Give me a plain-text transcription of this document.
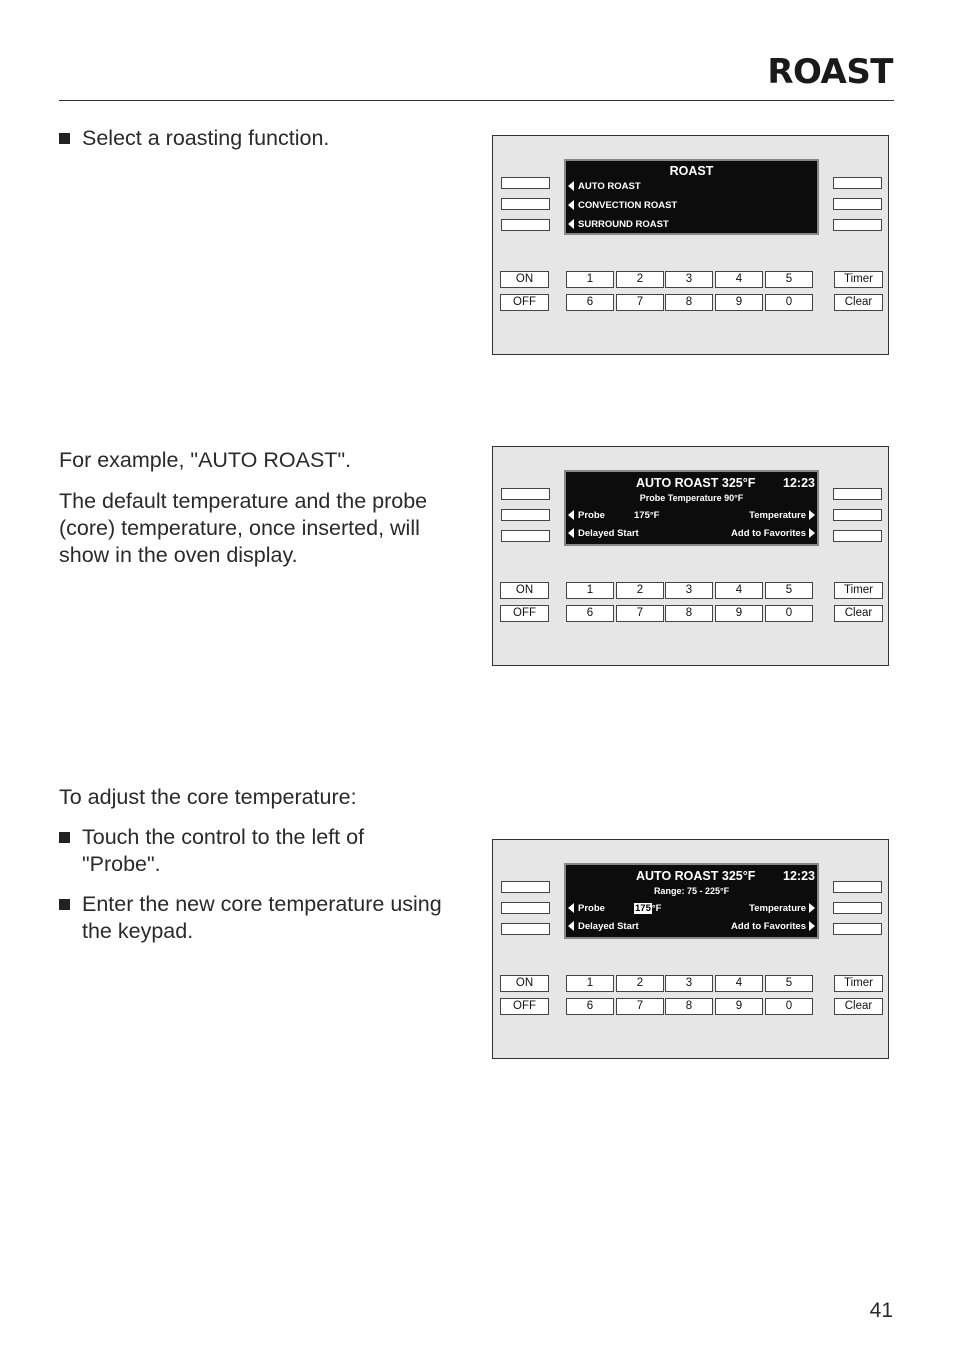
ROAST
Select a roasting function.
ROAST
AUTO ROAST
CONVECTION ROAST
SURROUND ROAST
ON
OFF
1	2	3	4	5
6	7	8	9	0
Timer
Clear
For example, "AUTO ROAST".
The default temperature and the probe
(core) temperature, once inserted, will
show in the oven display.
AUTO ROAST 325°F 12:23
Probe Temperature 90°F
Probe	175°F	Temperature
Delayed Start	Add to Favorites
ON
OFF
1	2	3	4	5
6	7	8	9	0
Timer
Clear
To adjust the core temperature:
Touch the control to the left of
"Probe".
Enter the new core temperature using
the keypad.
AUTO ROAST 325°F 12:23
Range: 75 - 225°F
Probe	175°F	Temperature
Delayed Start	Add to Favorites
ON
OFF
1	2	3	4	5
6	7	8	9	0
Timer
Clear
41
